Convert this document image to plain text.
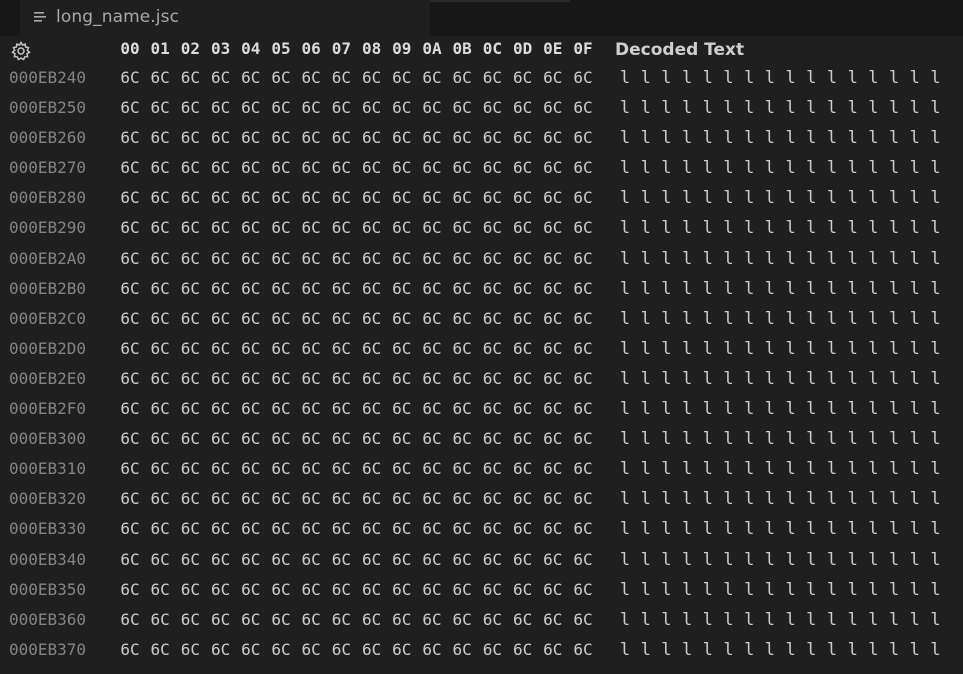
long_name.jsc
00 01 02 03 04 05 06 07 08 09 0A 0B 0C 0D 0E 0F	Decoded Text
000EB240	6C 6C 6C 6C 6C 6C 6C 6C 6C 6C 6C 6C 6C 6C 6C 6C	l l l l l l l l l l l l l l l l
000EB250	6C 6C 6C 6C 6C 6C 6C 6C 6C 6C 6C 6C 6C 6C 6C 6C	l l l l l l l l l l l l l l l l
000EB260	6C 6C 6C 6C 6C 6C 6C 6C 6C 6C 6C 6C 6C 6C 6C 6C	l l l l l l l l l l l l l l l l
000EB270	6C 6C 6C 6C 6C 6C 6C 6C 6C 6C 6C 6C 6C 6C 6C 6C	l l l l l l l l l l l l l l l l
000EB280	6C 6C 6C 6C 6C 6C 6C 6C 6C 6C 6C 6C 6C 6C 6C 6C	l l l l l l l l l l l l l l l l
000EB290	6C 6C 6C 6C 6C 6C 6C 6C 6C 6C 6C 6C 6C 6C 6C 6C	l l l l l l l l l l l l l l l l
000EB2A0	6C 6C 6C 6C 6C 6C 6C 6C 6C 6C 6C 6C 6C 6C 6C 6C	l l l l l l l l l l l l l l l l
000EB2B0	6C 6C 6C 6C 6C 6C 6C 6C 6C 6C 6C 6C 6C 6C 6C 6C	l l l l l l l l l l l l l l l l
000EB2C0	6C 6C 6C 6C 6C 6C 6C 6C 6C 6C 6C 6C 6C 6C 6C 6C	l l l l l l l l l l l l l l l l
000EB2D0	6C 6C 6C 6C 6C 6C 6C 6C 6C 6C 6C 6C 6C 6C 6C 6C	l l l l l l l l l l l l l l l l
000EB2E0	6C 6C 6C 6C 6C 6C 6C 6C 6C 6C 6C 6C 6C 6C 6C 6C	l l l l l l l l l l l l l l l l
000EB2F0	6C 6C 6C 6C 6C 6C 6C 6C 6C 6C 6C 6C 6C 6C 6C 6C	l l l l l l l l l l l l l l l l
000EB300	6C 6C 6C 6C 6C 6C 6C 6C 6C 6C 6C 6C 6C 6C 6C 6C	l l l l l l l l l l l l l l l l
000EB310	6C 6C 6C 6C 6C 6C 6C 6C 6C 6C 6C 6C 6C 6C 6C 6C	l l l l l l l l l l l l l l l l
000EB320	6C 6C 6C 6C 6C 6C 6C 6C 6C 6C 6C 6C 6C 6C 6C 6C	l l l l l l l l l l l l l l l l
000EB330	6C 6C 6C 6C 6C 6C 6C 6C 6C 6C 6C 6C 6C 6C 6C 6C	l l l l l l l l l l l l l l l l
000EB340	6C 6C 6C 6C 6C 6C 6C 6C 6C 6C 6C 6C 6C 6C 6C 6C	l l l l l l l l l l l l l l l l
000EB350	6C 6C 6C 6C 6C 6C 6C 6C 6C 6C 6C 6C 6C 6C 6C 6C	l l l l l l l l l l l l l l l l
000EB360	6C 6C 6C 6C 6C 6C 6C 6C 6C 6C 6C 6C 6C 6C 6C 6C	l l l l l l l l l l l l l l l l
000EB370	6C 6C 6C 6C 6C 6C 6C 6C 6C 6C 6C 6C 6C 6C 6C 6C	l l l l l l l l l l l l l l l l
